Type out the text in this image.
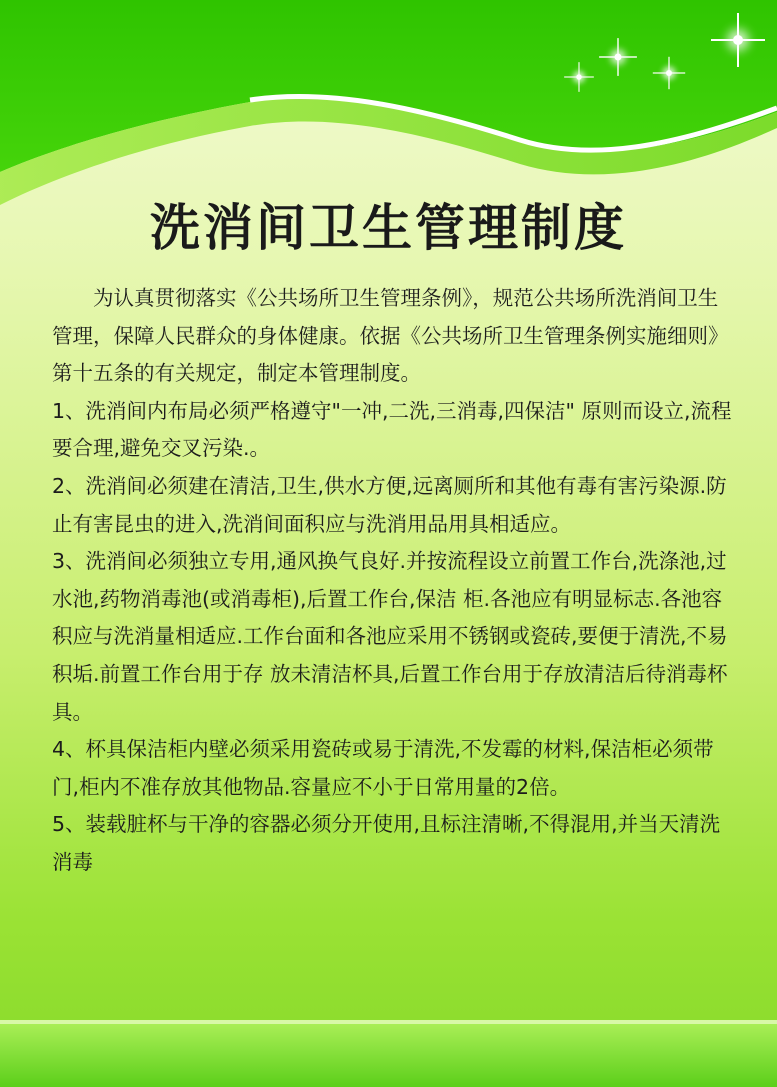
洗消间卫生管理制度

为认真贯彻落实《公共场所卫生管理条例》，规范公共场所洗消间卫生管理，保障人民群众的身体健康。依据《公共场所卫生管理条例实施细则》第十五条的有关规定，制定本管理制度。

1、洗消间内布局必须严格遵守"一冲,二洗,三消毒,四保洁" 原则而设立,流程要合理,避免交叉污染.。

2、洗消间必须建在清洁,卫生,供水方便,远离厕所和其他有毒有害污染源.防止有害昆虫的进入,洗消间面积应与洗消用品用具相适应。

3、洗消间必须独立专用,通风换气良好.并按流程设立前置工作台,洗涤池,过水池,药物消毒池(或消毒柜),后置工作台,保洁 柜.各池应有明显标志.各池容积应与洗消量相适应.工作台面和各池应采用不锈钢或瓷砖,要便于清洗,不易积垢.前置工作台用于存 放未清洁杯具,后置工作台用于存放清洁后待消毒杯具。

4、杯具保洁柜内壁必须采用瓷砖或易于清洗,不发霉的材料,保洁柜必须带门,柜内不准存放其他物品.容量应不小于日常用量的2倍。

5、装载脏杯与干净的容器必须分开使用,且标注清晰,不得混用,并当天清洗消毒
